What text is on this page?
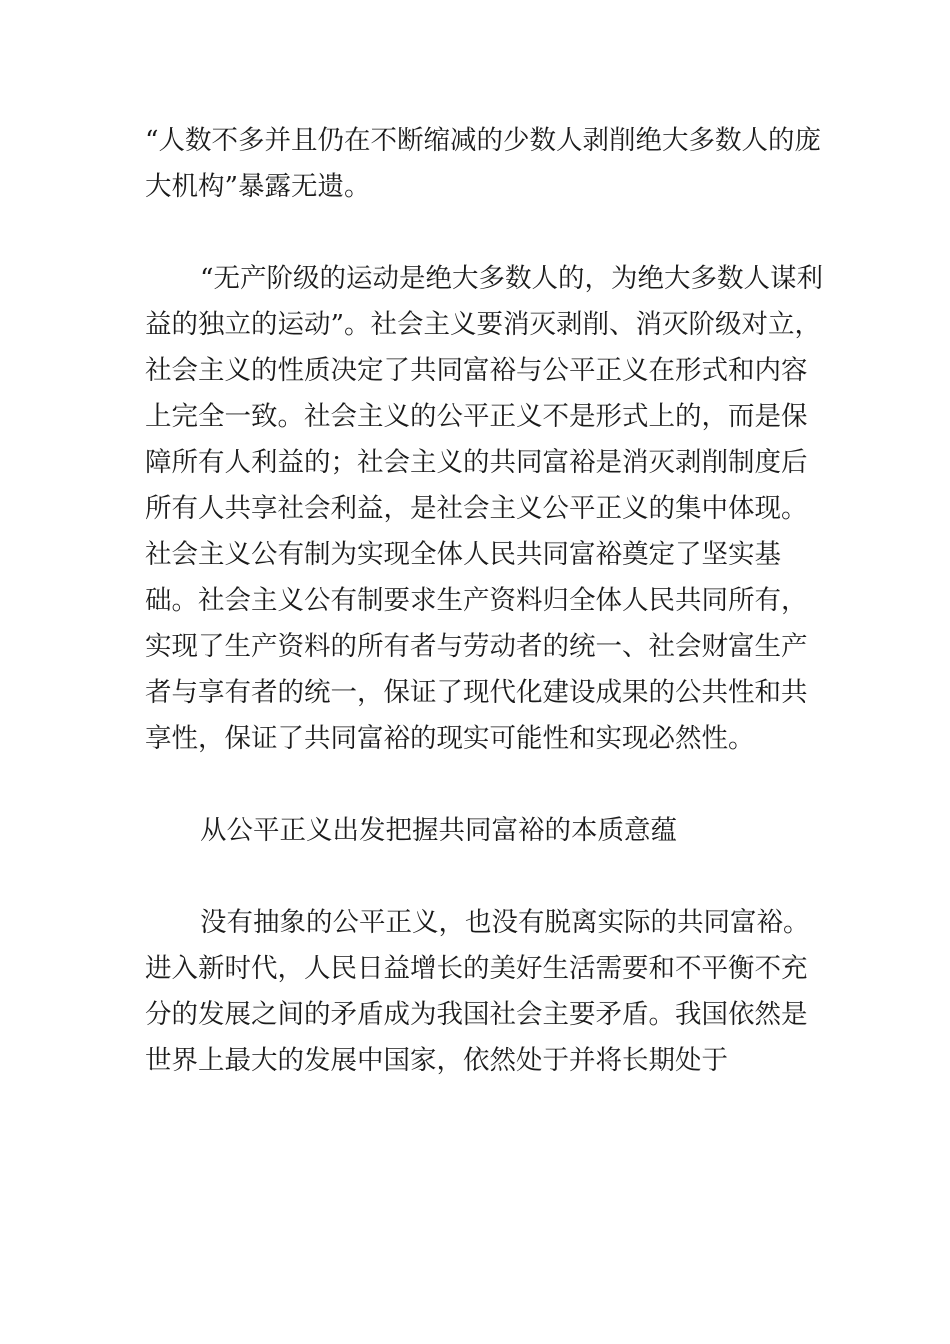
“人数不多并且仍在不断缩减的少数人剥削绝大多数人的庞大机构”暴露无遗。

“无产阶级的运动是绝大多数人的，为绝大多数人谋利益的独立的运动”。社会主义要消灭剥削、消灭阶级对立，社会主义的性质决定了共同富裕与公平正义在形式和内容上完全一致。社会主义的公平正义不是形式上的，而是保障所有人利益的；社会主义的共同富裕是消灭剥削制度后所有人共享社会利益，是社会主义公平正义的集中体现。社会主义公有制为实现全体人民共同富裕奠定了坚实基础。社会主义公有制要求生产资料归全体人民共同所有，实现了生产资料的所有者与劳动者的统一、社会财富生产者与享有者的统一，保证了现代化建设成果的公共性和共享性，保证了共同富裕的现实可能性和实现必然性。

从公平正义出发把握共同富裕的本质意蕴

没有抽象的公平正义，也没有脱离实际的共同富裕。进入新时代，人民日益增长的美好生活需要和不平衡不充分的发展之间的矛盾成为我国社会主要矛盾。我国依然是世界上最大的发展中国家，依然处于并将长期处于
